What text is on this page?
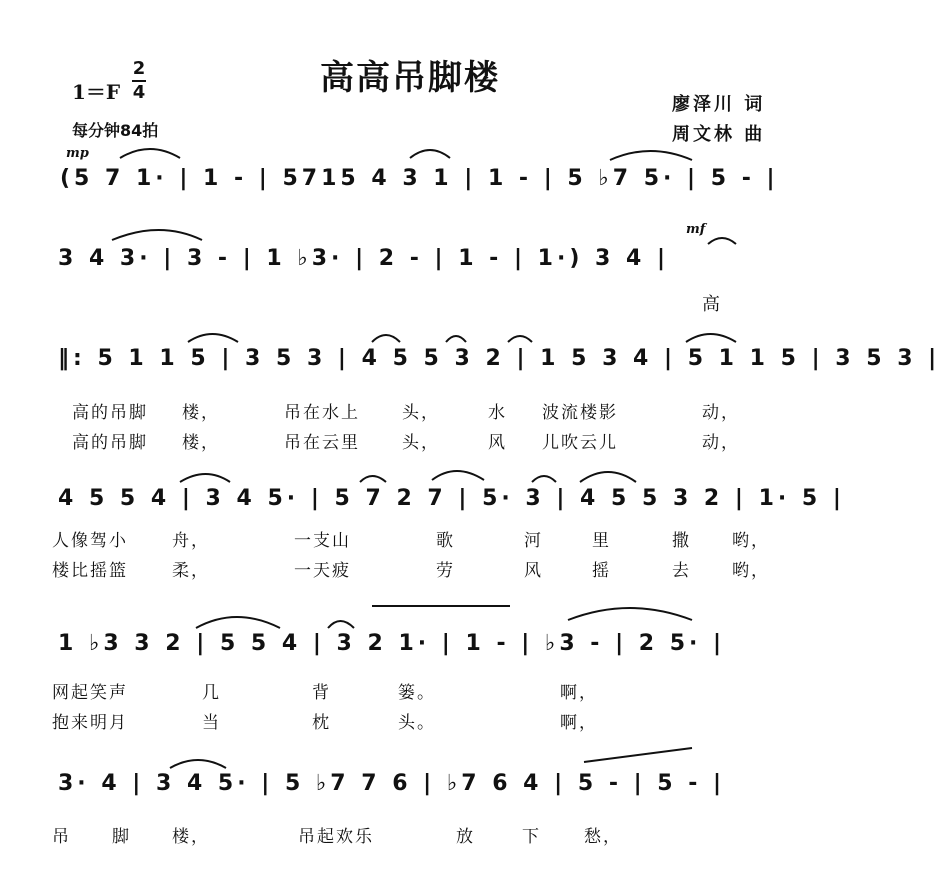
高高吊脚楼
1＝F
2
4
每分钟84拍
廖泽川 词
周文林 曲
mp
mf
(5 7 1· | 1 - | 5715 4 3 1 | 1 - | 5 ♭7 5· | 5 - |
3 4 3· | 3 - | 1 ♭3· | 2 - | 1 - | 1·) 3 4 |
高
‖: 5 1 1 5 | 3 5 3 | 4 5 5 3 2 | 1 5 3 4 | 5 1 1 5 | 3 5 3 |
4 5 5 4 | 3 4 5· | 5 7 2 7 | 5· 3 | 4 5 5 3 2 | 1· 5 |
1 ♭3 3 2 | 5 5 4 | 3 2 1· | 1 - | ♭3 - | 2 5· |
3· 4 | 3 4 5· | 5 ♭7 7 6 | ♭7 6 4 | 5 - | 5 - |
高的吊脚 楼，	吊在水上 头，	水 波流楼影	动，
高的吊脚 楼，	吊在云里 头，	风 儿吹云儿	动，
人像驾小	舟，	一支山	歌	河	里	撒 哟，
楼比摇篮	柔，	一天疲	劳	风	摇	去 哟，
网起笑声	几	背	篓。	啊，
抱来明月	当	枕	头。	啊，
吊 脚 楼，	吊起欢乐	放	下	愁，
